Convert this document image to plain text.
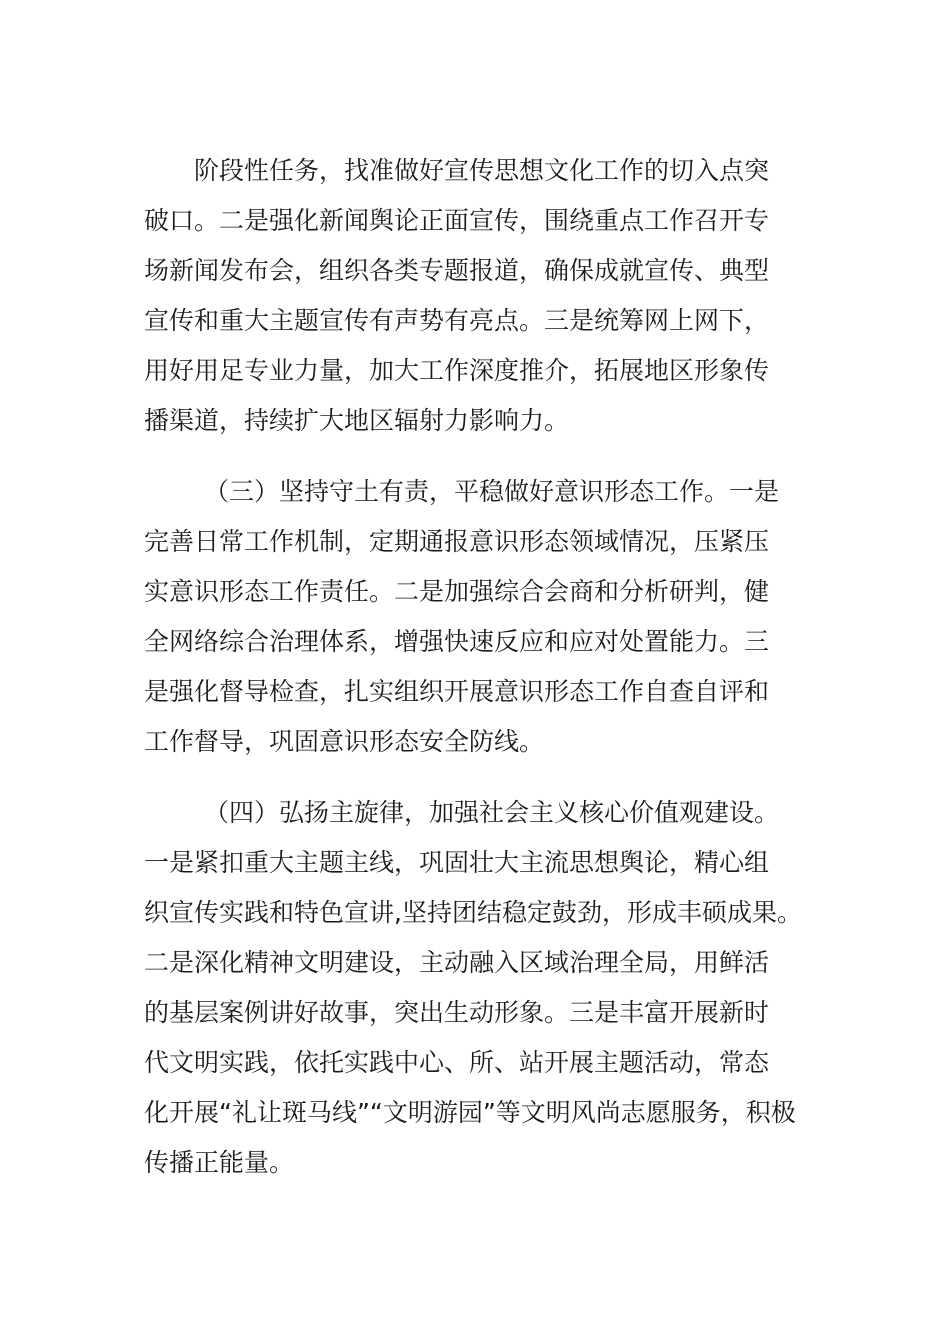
阶段性任务，找准做好宣传思想文化工作的切入点突
破口。二是强化新闻舆论正面宣传，围绕重点工作召开专
场新闻发布会，组织各类专题报道，确保成就宣传、典型
宣传和重大主题宣传有声势有亮点。三是统筹网上网下，
用好用足专业力量，加大工作深度推介，拓展地区形象传
播渠道，持续扩大地区辐射力影响力。
（三）坚持守土有责，平稳做好意识形态工作。一是
完善日常工作机制，定期通报意识形态领域情况，压紧压
实意识形态工作责任。二是加强综合会商和分析研判，健
全网络综合治理体系，增强快速反应和应对处置能力。三
是强化督导检查，扎实组织开展意识形态工作自查自评和
工作督导，巩固意识形态安全防线。
（四）弘扬主旋律，加强社会主义核心价值观建设。
一是紧扣重大主题主线，巩固壮大主流思想舆论，精心组
织宣传实践和特色宣讲,坚持团结稳定鼓劲，形成丰硕成果。
二是深化精神文明建设，主动融入区域治理全局，用鲜活
的基层案例讲好故事，突出生动形象。三是丰富开展新时
代文明实践，依托实践中心、所、站开展主题活动，常态
化开展“礼让斑马线”“文明游园”等文明风尚志愿服务，积极
传播正能量。
